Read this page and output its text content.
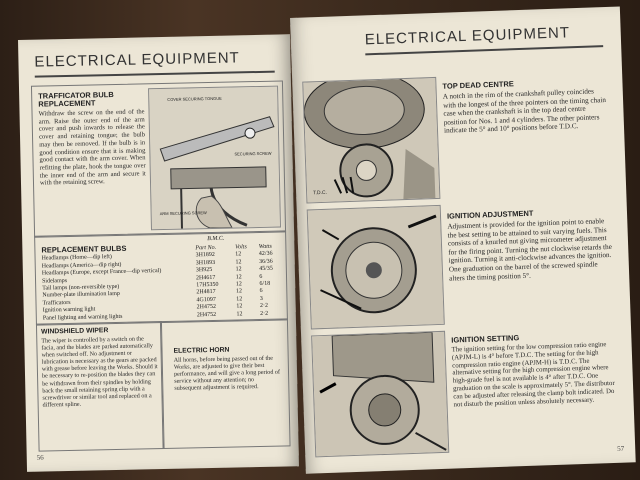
ELECTRICAL EQUIPMENT
TRAFFICATOR BULB REPLACEMENT
Withdraw the screw on the end of the arm. Raise the outer end of the arm cover and push inwards to release the cover and retaining tongue; the bulb may then be removed. If the bulb is in good condition ensure that it is making good contact with the arm cover. When refitting the plate, hook the tongue over the inner end of the arm and secure it with the retaining screw.
COVER SECURING TONGUE
SECURING SCREW
ARM SECURING SCREW
REPLACEMENT BULBS
B.M.C.
	Part No.	Volts	Watts
Headlamps (Home—dip left)	3H1892	12	42/36
Headlamps (America—dip right)	3H1893	12	36/36
Headlamps (Europe, except France—dip vertical)	3H925	12	45/35
Sidelamps	2H4617	12	6
Tail lamps (non-reversible type)	17H5350	12	6/18
Number-plate illumination lamp	2H4817	12	6
Trafficators	4G1097	12	3
Ignition warning light	2H4752	12	2·2
Panel lighting and warning lights	2H4752	12	2·2
WINDSHIELD WIPER
The wiper is controlled by a switch on the facia, and the blades are parked automatically when switched off. No adjustment or lubrication is necessary as the gears are packed with grease before leaving the Works. Should it be necessary to re-position the blades they can be withdrawn from their spindles by holding back the small retaining spring clip with a screwdriver or similar tool and replaced on a different spline.
ELECTRIC HORN
All horns, before being passed out of the Works, are adjusted to give their best performance, and will give a long period of service without any attention; no subsequent adjustment is required.
56
ELECTRICAL EQUIPMENT
T.D.C.
TOP DEAD CENTRE
A notch in the rim of the crankshaft pulley coincides with the longest of the three pointers on the timing chain case when the crankshaft is in the top dead centre position for Nos. 1 and 4 cylinders. The other pointers indicate the 5° and 10° positions before T.D.C.
IGNITION ADJUSTMENT
Adjustment is provided for the ignition point to enable the best setting to be attained to suit varying fuels. This consists of a knurled nut giving micrometer adjustment for the firing point. Turning the nut clockwise retards the ignition. Turning it anti-clockwise advances the ignition. One graduation on the barrel of the screwed spindle alters the timing position 5°.
IGNITION SETTING
The ignition setting for the low compression ratio engine (APJM-L) is 4° before T.D.C. The setting for the high compression ratio engine (APJM-H) is T.D.C. The alternative setting for the high compression engine where high-grade fuel is not available is 4° after T.D.C. One graduation on the scale is approximately 5°. The distributor can be adjusted after releasing the clamp bolt indicated. Do not disturb the position unless absolutely necessary.
57
